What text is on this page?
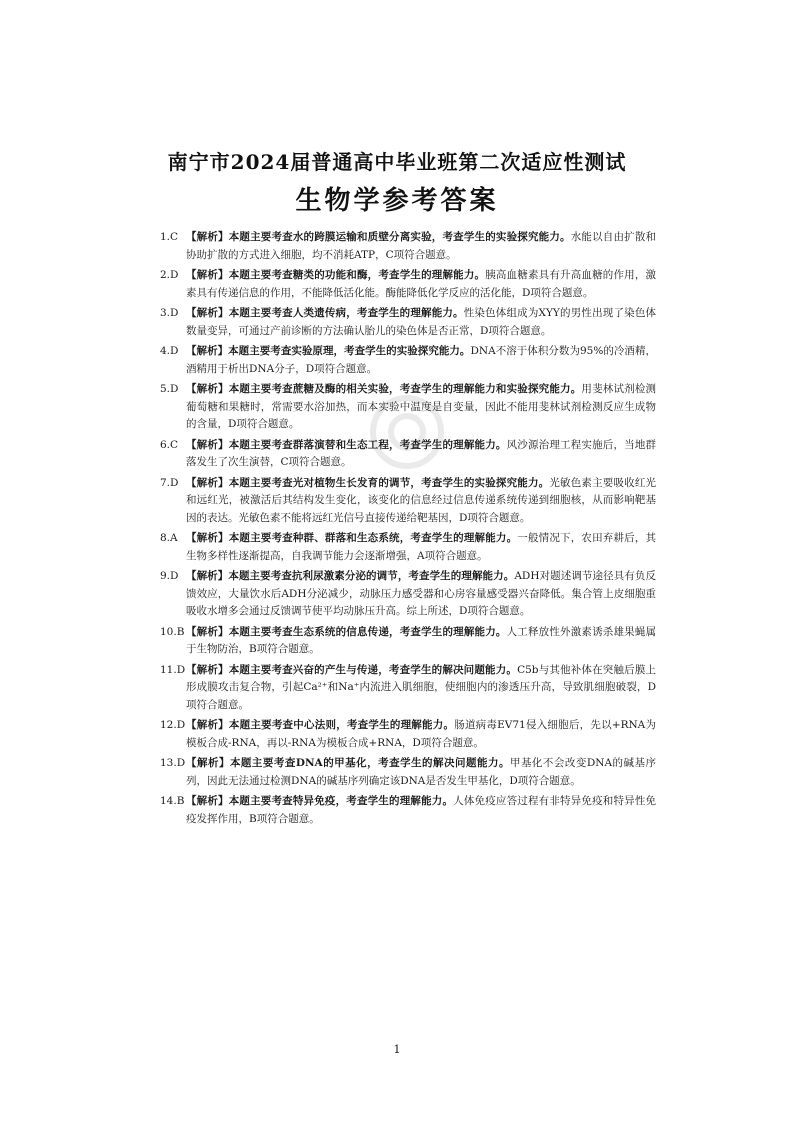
南宁市2024届普通高中毕业班第二次适应性测试
生物学参考答案
1.C 【解析】本题主要考查水的跨膜运输和质壁分离实验，考查学生的实验探究能力。水能以自由扩散和协助扩散的方式进入细胞，均不消耗ATP，C项符合题意。
2.D 【解析】本题主要考查糖类的功能和酶，考查学生的理解能力。胰高血糖素具有升高血糖的作用，激素具有传递信息的作用，不能降低活化能。酶能降低化学反应的活化能，D项符合题意。
3.D 【解析】本题主要考查人类遗传病，考查学生的理解能力。性染色体组成为XYY的男性出现了染色体数量变异，可通过产前诊断的方法确认胎儿的染色体是否正常，D项符合题意。
4.D 【解析】本题主要考查实验原理，考查学生的实验探究能力。DNA不溶于体积分数为95%的冷酒精，酒精用于析出DNA分子，D项符合题意。
5.D 【解析】本题主要考查蔗糖及酶的相关实验，考查学生的理解能力和实验探究能力。用斐林试剂检测葡萄糖和果糖时，常需要水浴加热，而本实验中温度是自变量，因此不能用斐林试剂检测反应生成物的含量，D项符合题意。
6.C 【解析】本题主要考查群落演替和生态工程，考查学生的理解能力。风沙源治理工程实施后，当地群落发生了次生演替，C项符合题意。
7.D 【解析】本题主要考查光对植物生长发育的调节，考查学生的实验探究能力。光敏色素主要吸收红光和远红光，被激活后其结构发生变化，该变化的信息经过信息传递系统传递到细胞核，从而影响靶基因的表达。光敏色素不能将远红光信号直接传递给靶基因，D项符合题意。
8.A 【解析】本题主要考查种群、群落和生态系统，考查学生的理解能力。一般情况下，农田弃耕后，其生物多样性逐渐提高，自我调节能力会逐渐增强，A项符合题意。
9.D 【解析】本题主要考查抗利尿激素分泌的调节，考查学生的理解能力。ADH对题述调节途径具有负反馈效应，大量饮水后ADH分泌减少，动脉压力感受器和心房容量感受器兴奋降低。集合管上皮细胞重吸收水增多会通过反馈调节使平均动脉压升高。综上所述，D项符合题意。
10.B 【解析】本题主要考查生态系统的信息传递，考查学生的理解能力。人工释放性外激素诱杀雄果蝇属于生物防治，B项符合题意。
11.D 【解析】本题主要考查兴奋的产生与传递，考查学生的解决问题能力。C5b与其他补体在突触后膜上形成膜攻击复合物，引起Ca²⁺和Na⁺内流进入肌细胞，使细胞内的渗透压升高，导致肌细胞破裂，D项符合题意。
12.D 【解析】本题主要考查中心法则，考查学生的理解能力。肠道病毒EV71侵入细胞后，先以+RNA为模板合成-RNA，再以-RNA为模板合成+RNA，D项符合题意。
13.D 【解析】本题主要考查DNA的甲基化，考查学生的解决问题能力。甲基化不会改变DNA的碱基序列，因此无法通过检测DNA的碱基序列确定该DNA是否发生甲基化，D项符合题意。
14.B 【解析】本题主要考查特异免疫，考查学生的理解能力。人体免疫应答过程有非特异免疫和特异性免疫发挥作用，B项符合题意。
1
